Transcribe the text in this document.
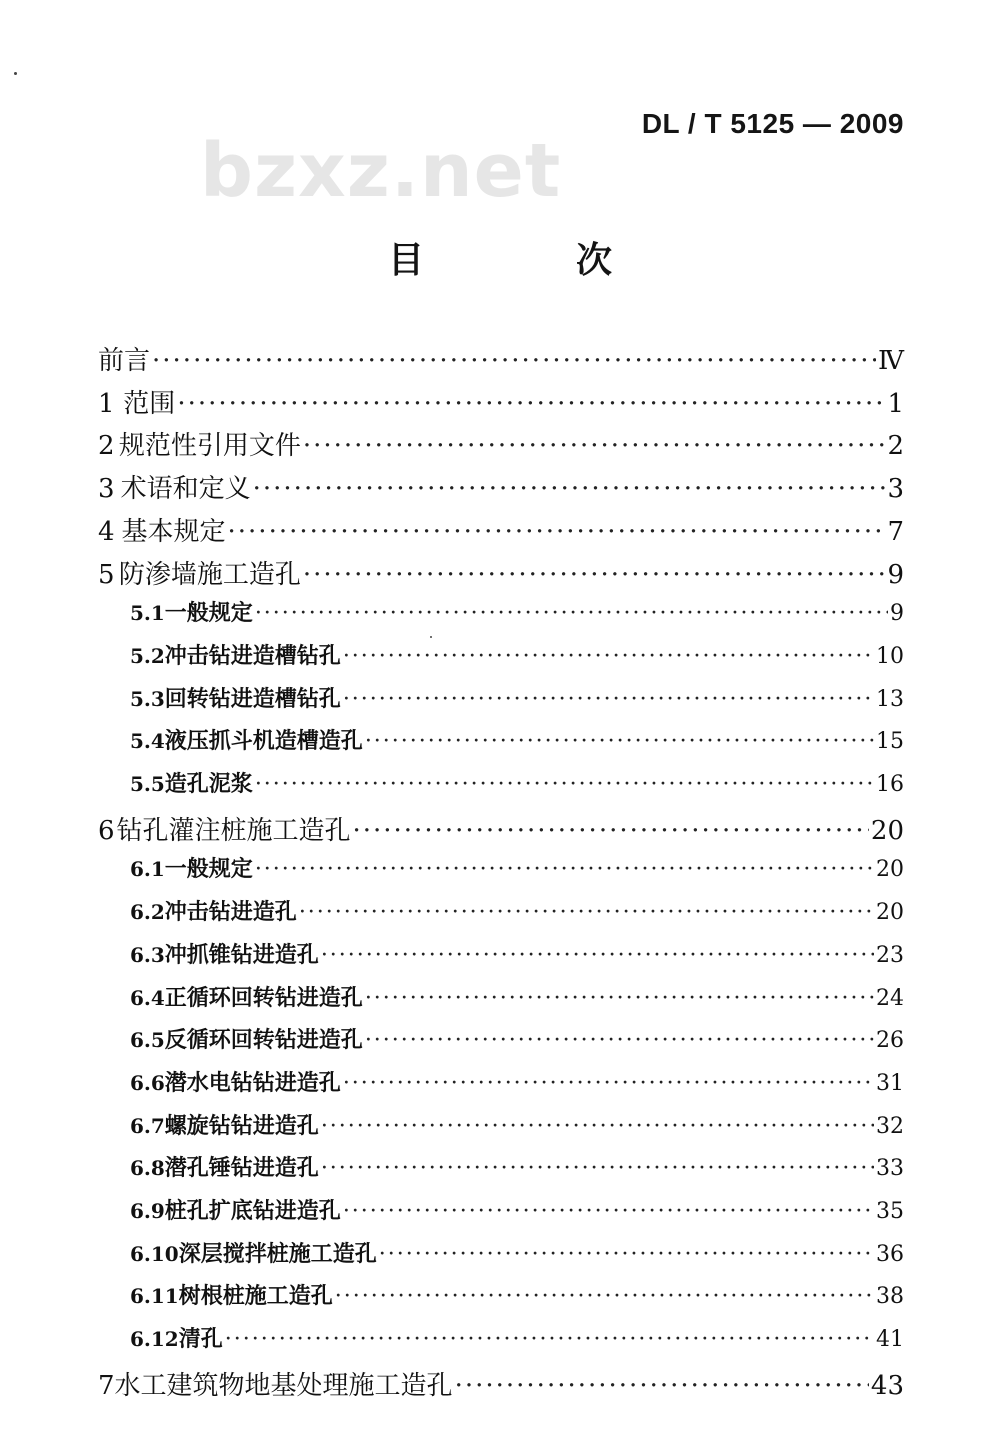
bzxz.net
DL / T 5125 — 2009
目　次
前言 ·····	Ⅳ
1 范围 ·····	1
2 规范性引用文件 ·····	2
3 术语和定义 ·····	3
4 基本规定 ·····	7
5 防渗墙施工造孔 ·····	9
5.1 一般规定 ·····	9
5.2 冲击钻进造槽钻孔 ·····	10
5.3 回转钻进造槽钻孔 ·····	13
5.4 液压抓斗机造槽造孔 ·····	15
5.5 造孔泥浆 ·····	16
6 钻孔灌注桩施工造孔 ·····	20
6.1 一般规定 ·····	20
6.2 冲击钻进造孔 ·····	20
6.3 冲抓锥钻进造孔 ·····	23
6.4 正循环回转钻进造孔 ·····	24
6.5 反循环回转钻进造孔 ·····	26
6.6 潜水电钻钻进造孔 ·····	31
6.7 螺旋钻钻进造孔 ·····	32
6.8 潜孔锤钻进造孔 ·····	33
6.9 桩孔扩底钻进造孔 ·····	35
6.10 深层搅拌桩施工造孔 ·····	36
6.11 树根桩施工造孔 ·····	38
6.12 清孔 ·····	41
7 水工建筑物地基处理施工造孔 ·····	43
